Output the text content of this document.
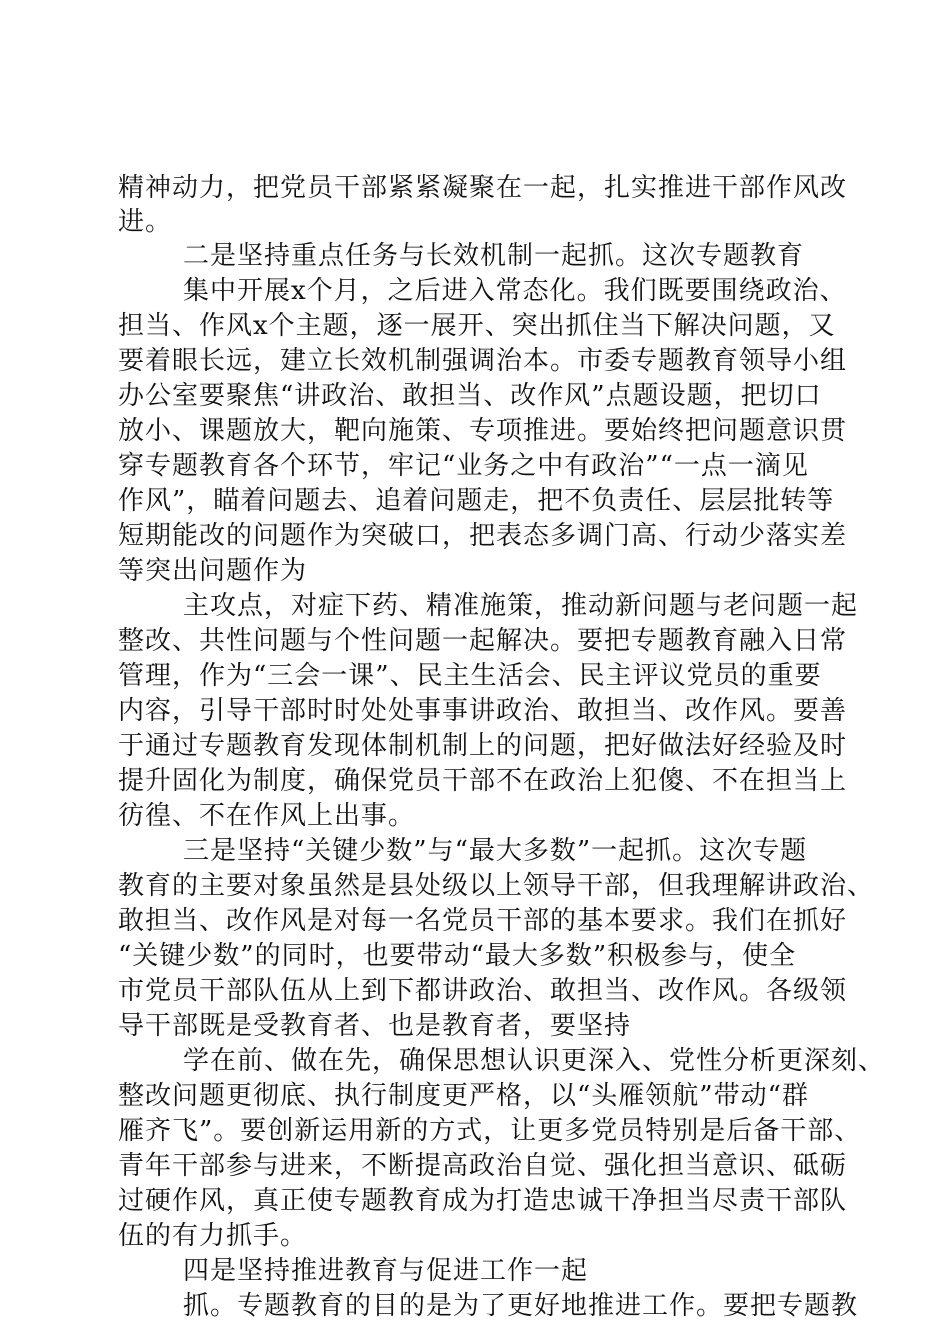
精神动力，把党员干部紧紧凝聚在一起，扎实推进干部作风改
进。
二是坚持重点任务与长效机制一起抓。这次专题教育
集中开展x个月，之后进入常态化。我们既要围绕政治、
担当、作风x个主题，逐一展开、突出抓住当下解决问题，又
要着眼长远，建立长效机制强调治本。市委专题教育领导小组
办公室要聚焦“讲政治、敢担当、改作风”点题设题，把切口
放小、课题放大，靶向施策、专项推进。要始终把问题意识贯
穿专题教育各个环节，牢记“业务之中有政治”“一点一滴见
作风”，瞄着问题去、追着问题走，把不负责任、层层批转等
短期能改的问题作为突破口，把表态多调门高、行动少落实差
等突出问题作为
主攻点，对症下药、精准施策，推动新问题与老问题一起
整改、共性问题与个性问题一起解决。要把专题教育融入日常
管理，作为“三会一课”、民主生活会、民主评议党员的重要
内容，引导干部时时处处事事讲政治、敢担当、改作风。要善
于通过专题教育发现体制机制上的问题，把好做法好经验及时
提升固化为制度，确保党员干部不在政治上犯傻、不在担当上
彷徨、不在作风上出事。
三是坚持“关键少数”与“最大多数”一起抓。这次专题
教育的主要对象虽然是县处级以上领导干部，但我理解讲政治、
敢担当、改作风是对每一名党员干部的基本要求。我们在抓好
“关键少数”的同时，也要带动“最大多数”积极参与，使全
市党员干部队伍从上到下都讲政治、敢担当、改作风。各级领
导干部既是受教育者、也是教育者，要坚持
学在前、做在先，确保思想认识更深入、党性分析更深刻、
整改问题更彻底、执行制度更严格，以“头雁领航”带动“群
雁齐飞”。要创新运用新的方式，让更多党员特别是后备干部、
青年干部参与进来，不断提高政治自觉、强化担当意识、砥砺
过硬作风，真正使专题教育成为打造忠诚干净担当尽责干部队
伍的有力抓手。
四是坚持推进教育与促进工作一起
抓。专题教育的目的是为了更好地推进工作。要把专题教
